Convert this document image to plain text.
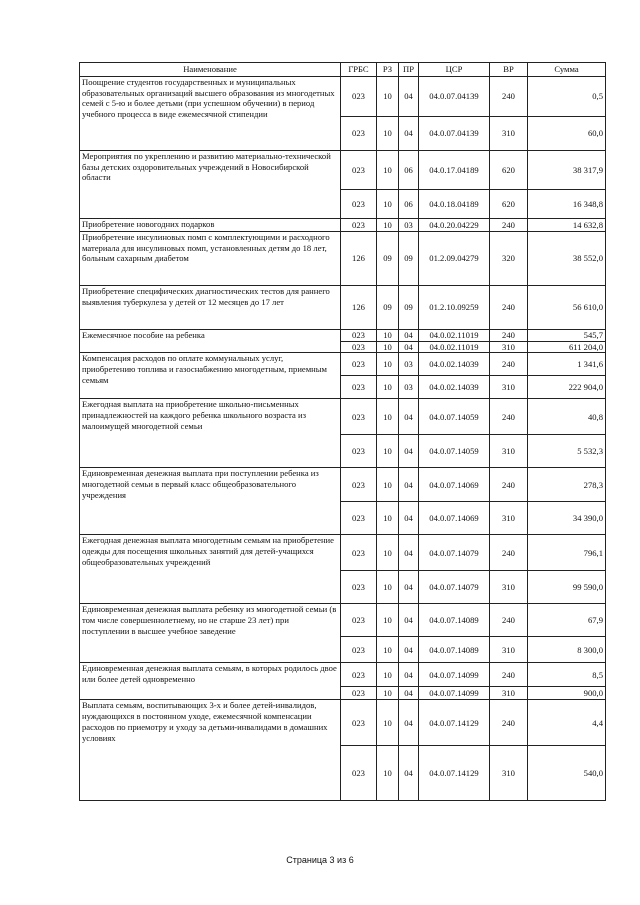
Наименование	ГРБС	РЗ	ПР	ЦСР	ВР	Сумма
Поощрение студентов государственных и муниципальных образовательных организаций высшего образования из многодетных семей с 5-ю и более детьми (при успешном обучении) в период учебного процесса в виде ежемесячной стипендии	023	10	04	04.0.07.04139	240	0,5
	023	10	04	04.0.07.04139	310	60,0
Мероприятия по укреплению и развитию материально-технической базы детских оздоровительных учреждений в Новосибирской области	023	10	06	04.0.17.04189	620	38 317,9
	023	10	06	04.0.18.04189	620	16 348,8
Приобретение новогодних подарков	023	10	03	04.0.20.04229	240	14 632,8
Приобретение инсулиновых помп с комплектующими и расходного материала для инсулиновых помп, установленных детям до 18 лет, больным сахарным диабетом	126	09	09	01.2.09.04279	320	38 552,0
Приобретение специфических диагностических тестов для раннего выявления туберкулеза у детей от 12 месяцев до 17 лет	126	09	09	01.2.10.09259	240	56 610,0
Ежемесячное пособие на ребенка	023	10	04	04.0.02.11019	240	545,7
	023	10	04	04.0.02.11019	310	611 204,0
Компенсация расходов по оплате коммунальных услуг, приобретению топлива и газоснабжению многодетным, приемным семьям	023	10	03	04.0.02.14039	240	1 341,6
	023	10	03	04.0.02.14039	310	222 904,0
Ежегодная выплата на приобретение школьно-письменных принадлежностей на каждого ребенка школьного возраста из малоимущей многодетной семьи	023	10	04	04.0.07.14059	240	40,8
	023	10	04	04.0.07.14059	310	5 532,3
Единовременная денежная выплата при поступлении ребенка из многодетной семьи в первый класс общеобразовательного учреждения	023	10	04	04.0.07.14069	240	278,3
	023	10	04	04.0.07.14069	310	34 390,0
Ежегодная денежная выплата многодетным семьям на приобретение одежды для посещения школьных занятий для детей-учащихся общеобразовательных учреждений	023	10	04	04.0.07.14079	240	796,1
	023	10	04	04.0.07.14079	310	99 590,0
Единовременная денежная выплата ребенку из многодетной семьи (в том числе совершеннолетнему, но не старше 23 лет) при поступлении в высшее учебное заведение	023	10	04	04.0.07.14089	240	67,9
	023	10	04	04.0.07.14089	310	8 300,0
Единовременная денежная выплата семьям, в которых родилось двое или более детей одновременно	023	10	04	04.0.07.14099	240	8,5
	023	10	04	04.0.07.14099	310	900,0
Выплата семьям, воспитывающих 3-х и более детей-инвалидов, нуждающихся в постоянном уходе, ежемесячной компенсации расходов по приемотру и уходу за детьми-инвалидами в домашних условиях	023	10	04	04.0.07.14129	240	4,4
	023	10	04	04.0.07.14129	310	540,0
Страница 3 из 6
